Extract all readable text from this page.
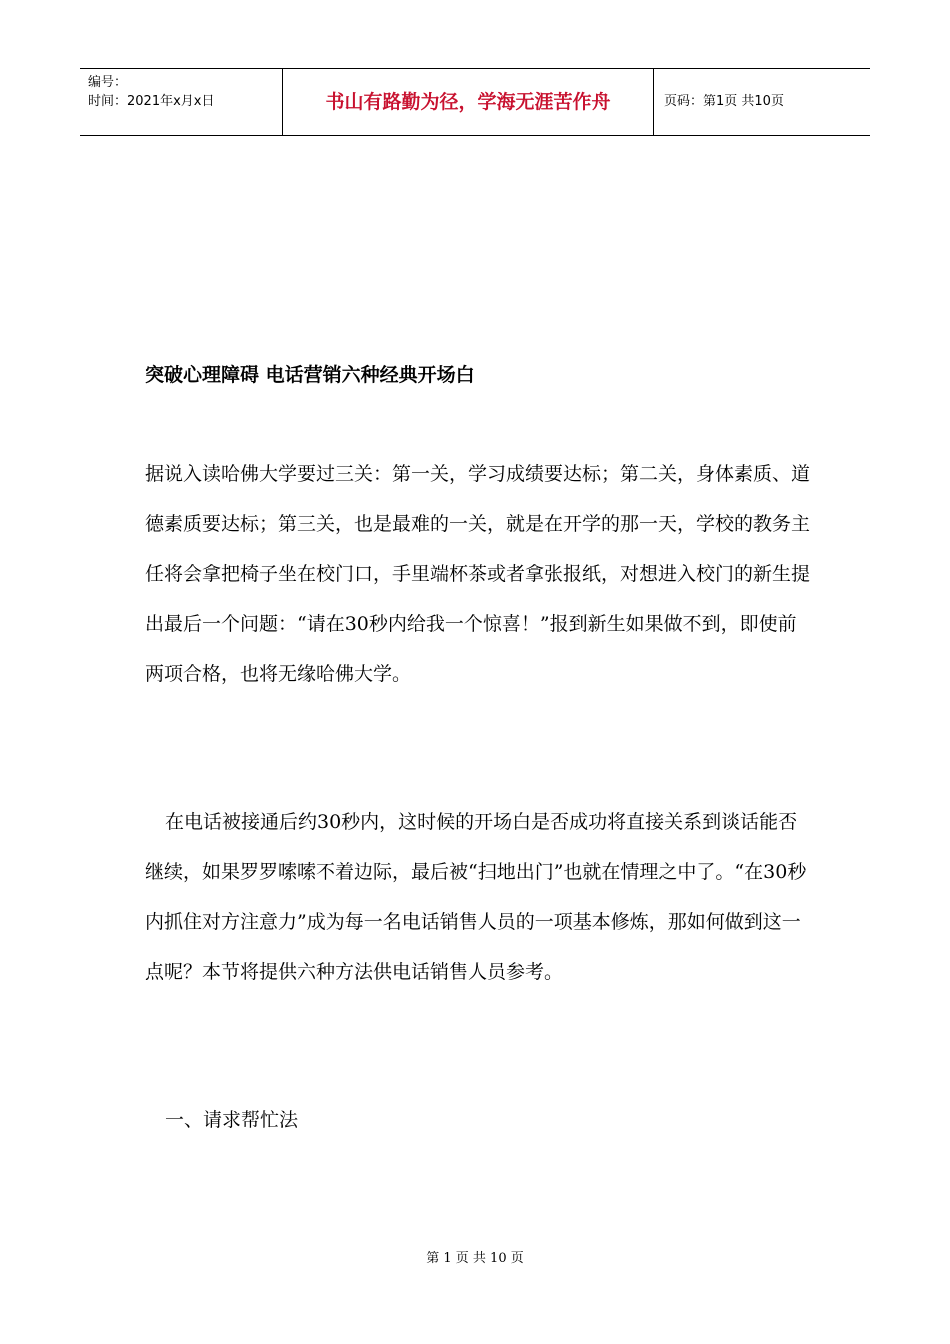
编号：
时间：2021年x月x日	书山有路勤为径，学海无涯苦作舟	页码：第1页 共10页
突破心理障碍 电话营销六种经典开场白

据说入读哈佛大学要过三关：第一关，学习成绩要达标；第二关，身体素质、道德素质要达标；第三关，也是最难的一关，就是在开学的那一天，学校的教务主任将会拿把椅子坐在校门口，手里端杯茶或者拿张报纸，对想进入校门的新生提出最后一个问题：“请在30秒内给我一个惊喜！”报到新生如果做不到，即使前两项合格，也将无缘哈佛大学。

在电话被接通后约30秒内，这时候的开场白是否成功将直接关系到谈话能否继续，如果罗罗嗦嗦不着边际，最后被“扫地出门”也就在情理之中了。“在30秒内抓住对方注意力”成为每一名电话销售人员的一项基本修炼，那如何做到这一点呢？本节将提供六种方法供电话销售人员参考。

一、请求帮忙法

第 1 页 共 10 页
